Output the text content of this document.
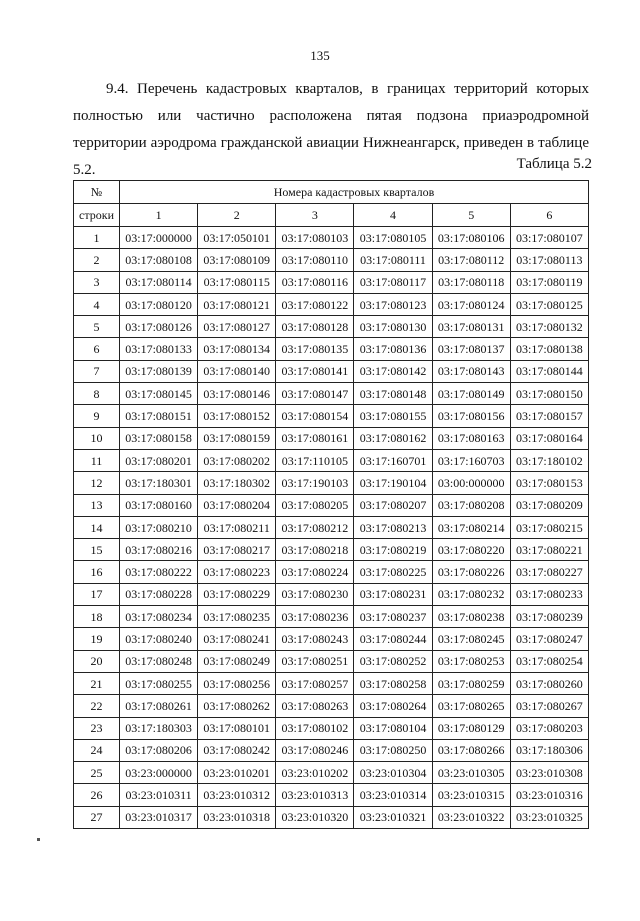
135

9.4. Перечень кадастровых кварталов, в границах территорий которых полностью или частично расположена пятая подзона приаэродромной территории аэродрома гражданской авиации Нижнеангарск, приведен в таблице 5.2.	Таблица 5.2
№	Номера кадастровых кварталов					
строки	1	2	3	4	5	6
1	03:17:000000	03:17:050101	03:17:080103	03:17:080105	03:17:080106	03:17:080107
2	03:17:080108	03:17:080109	03:17:080110	03:17:080111	03:17:080112	03:17:080113
3	03:17:080114	03:17:080115	03:17:080116	03:17:080117	03:17:080118	03:17:080119
4	03:17:080120	03:17:080121	03:17:080122	03:17:080123	03:17:080124	03:17:080125
5	03:17:080126	03:17:080127	03:17:080128	03:17:080130	03:17:080131	03:17:080132
6	03:17:080133	03:17:080134	03:17:080135	03:17:080136	03:17:080137	03:17:080138
7	03:17:080139	03:17:080140	03:17:080141	03:17:080142	03:17:080143	03:17:080144
8	03:17:080145	03:17:080146	03:17:080147	03:17:080148	03:17:080149	03:17:080150
9	03:17:080151	03:17:080152	03:17:080154	03:17:080155	03:17:080156	03:17:080157
10	03:17:080158	03:17:080159	03:17:080161	03:17:080162	03:17:080163	03:17:080164
11	03:17:080201	03:17:080202	03:17:110105	03:17:160701	03:17:160703	03:17:180102
12	03:17:180301	03:17:180302	03:17:190103	03:17:190104	03:00:000000	03:17:080153
13	03:17:080160	03:17:080204	03:17:080205	03:17:080207	03:17:080208	03:17:080209
14	03:17:080210	03:17:080211	03:17:080212	03:17:080213	03:17:080214	03:17:080215
15	03:17:080216	03:17:080217	03:17:080218	03:17:080219	03:17:080220	03:17:080221
16	03:17:080222	03:17:080223	03:17:080224	03:17:080225	03:17:080226	03:17:080227
17	03:17:080228	03:17:080229	03:17:080230	03:17:080231	03:17:080232	03:17:080233
18	03:17:080234	03:17:080235	03:17:080236	03:17:080237	03:17:080238	03:17:080239
19	03:17:080240	03:17:080241	03:17:080243	03:17:080244	03:17:080245	03:17:080247
20	03:17:080248	03:17:080249	03:17:080251	03:17:080252	03:17:080253	03:17:080254
21	03:17:080255	03:17:080256	03:17:080257	03:17:080258	03:17:080259	03:17:080260
22	03:17:080261	03:17:080262	03:17:080263	03:17:080264	03:17:080265	03:17:080267
23	03:17:180303	03:17:080101	03:17:080102	03:17:080104	03:17:080129	03:17:080203
24	03:17:080206	03:17:080242	03:17:080246	03:17:080250	03:17:080266	03:17:180306
25	03:23:000000	03:23:010201	03:23:010202	03:23:010304	03:23:010305	03:23:010308
26	03:23:010311	03:23:010312	03:23:010313	03:23:010314	03:23:010315	03:23:010316
27	03:23:010317	03:23:010318	03:23:010320	03:23:010321	03:23:010322	03:23:010325
